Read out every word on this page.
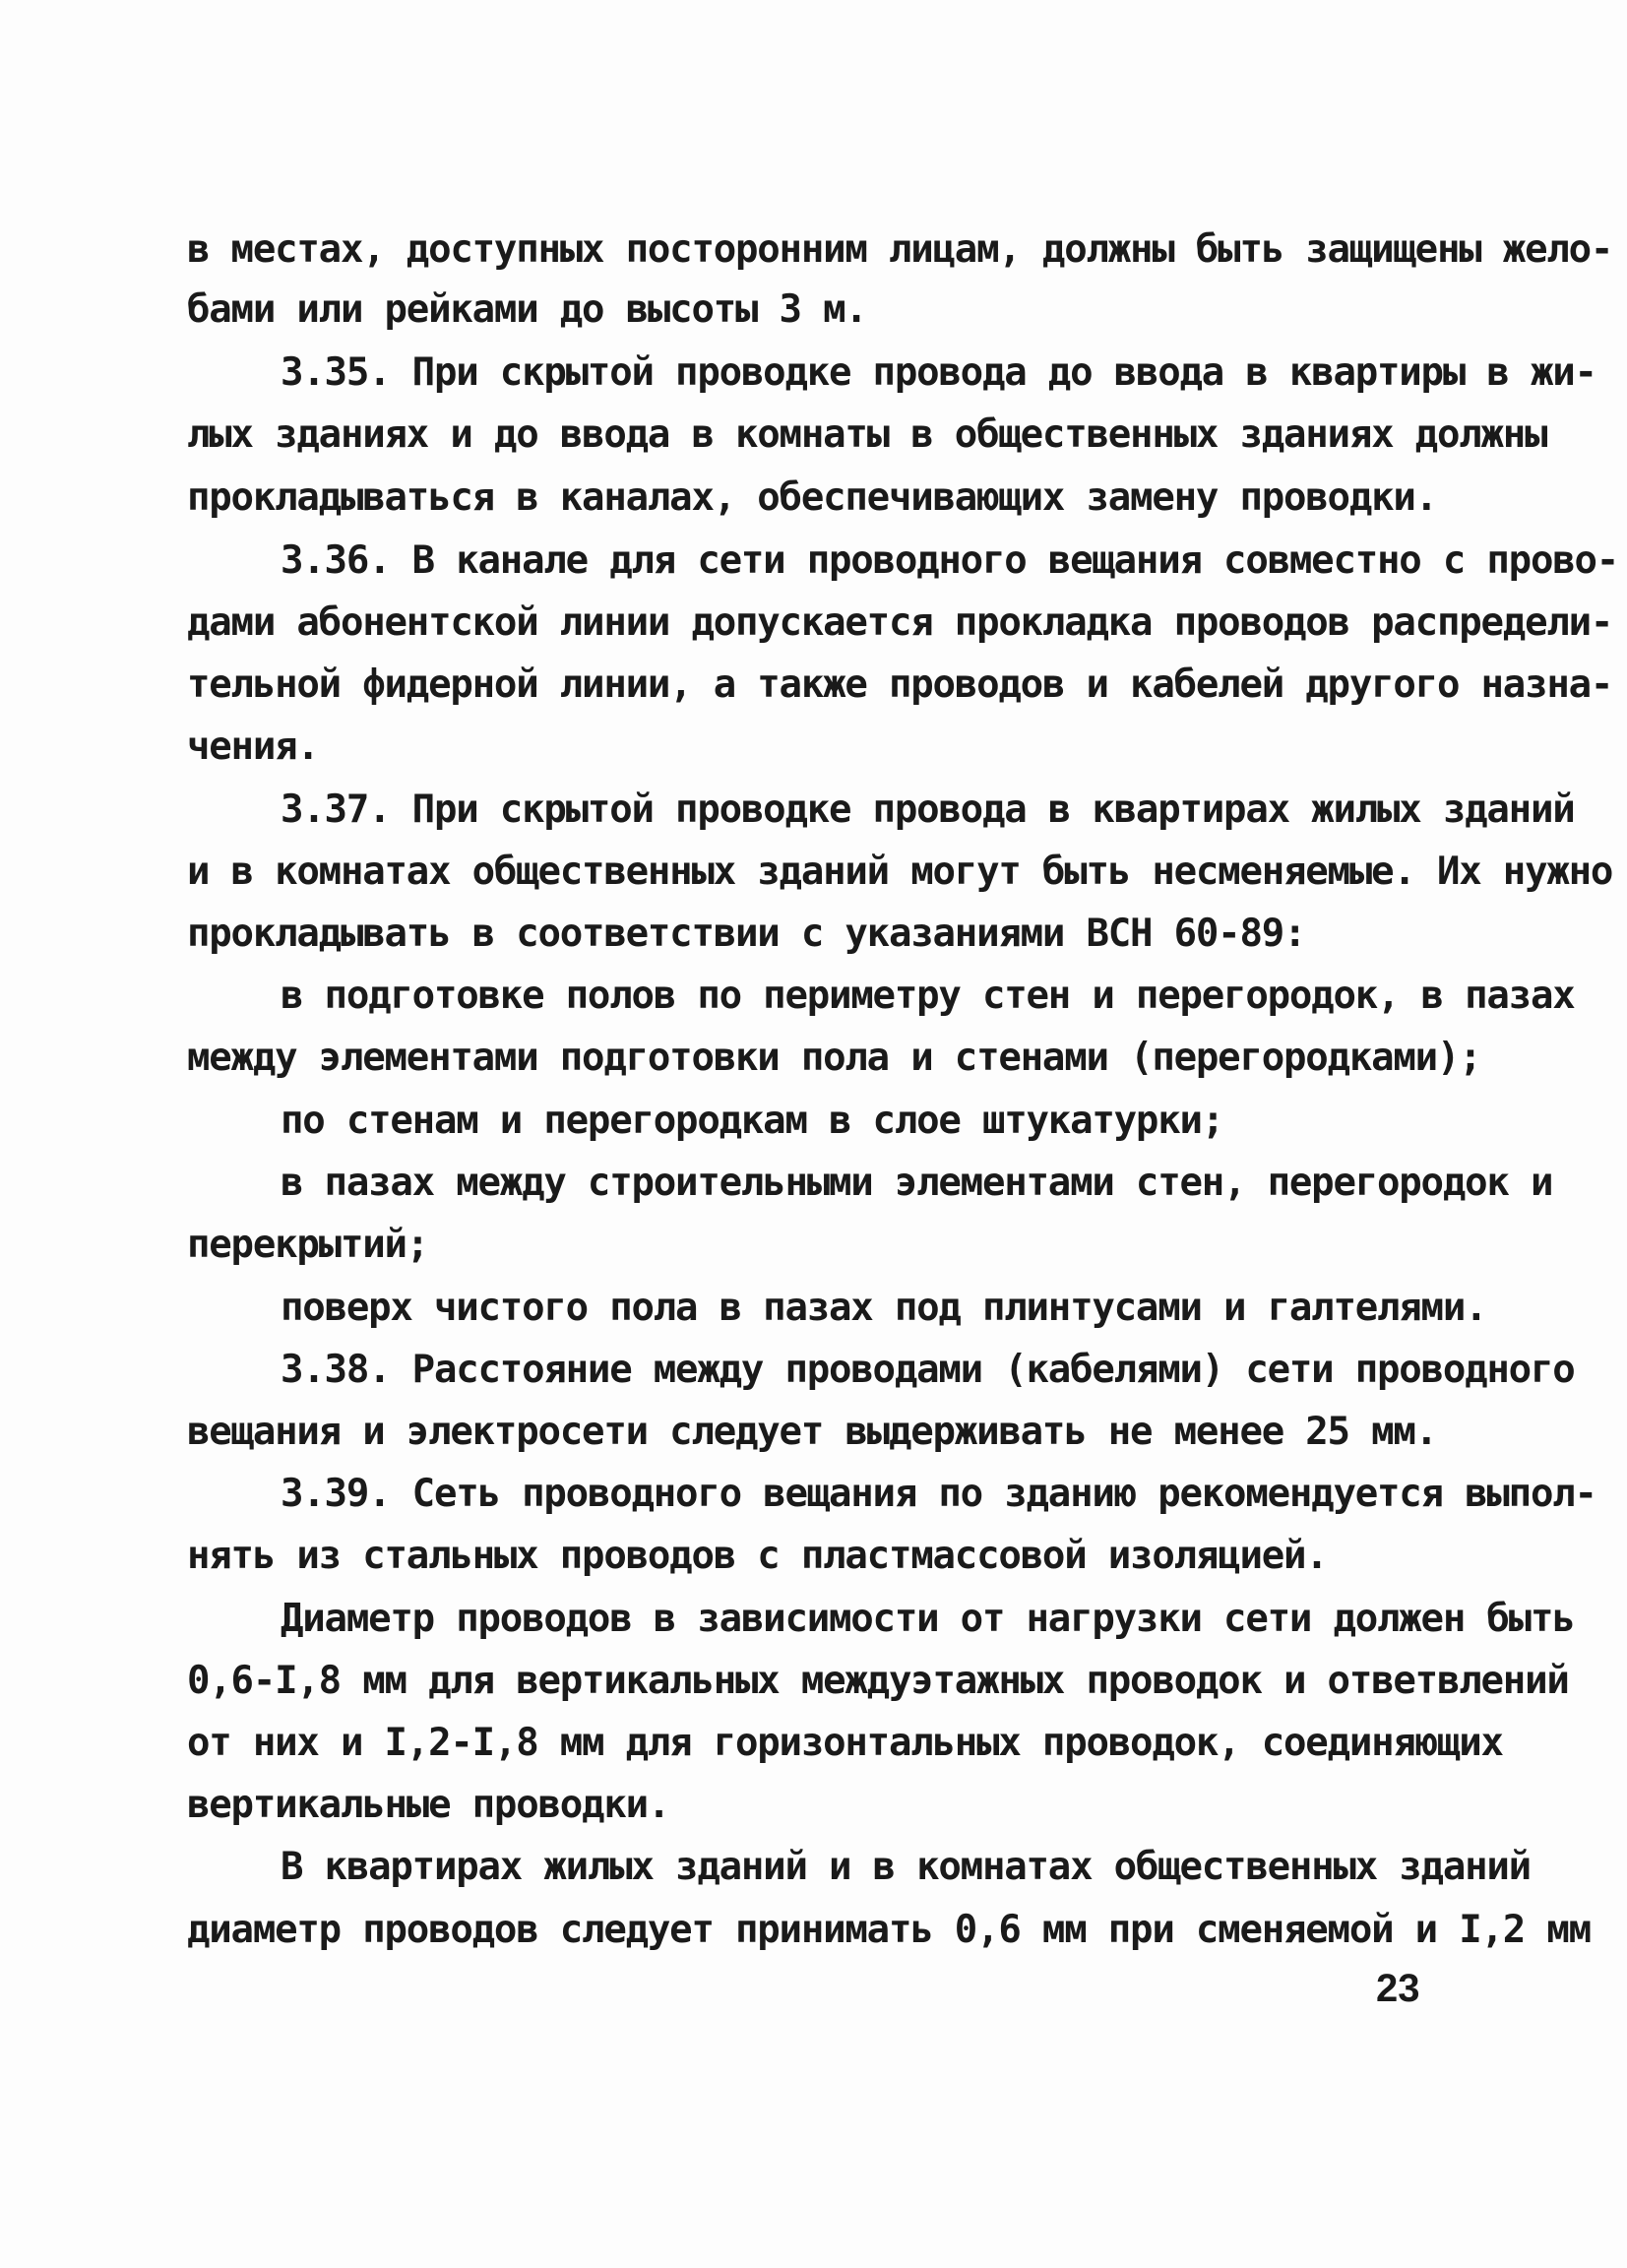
в местах, доступных посторонним лицам, должны быть защищены жело-
бами или рейками до высоты 3 м.
3.35. При скрытой проводке провода до ввода в квартиры в жи-
лых зданиях и до ввода в комнаты в общественных зданиях должны
прокладываться в каналах, обеспечивающих замену проводки.
3.36. В канале для сети проводного вещания совместно с прово-
дами абонентской линии допускается прокладка проводов распредели-
тельной фидерной линии, а также проводов и кабелей другого назна-
чения.
3.37. При скрытой проводке провода в квартирах жилых зданий
и в комнатах общественных зданий могут быть несменяемые. Их нужно
прокладывать в соответствии с указаниями ВСН 60-89:
в подготовке полов по периметру стен и перегородок, в пазах
между элементами подготовки пола и стенами (перегородками);
по стенам и перегородкам в слое штукатурки;
в пазах между строительными элементами стен, перегородок и
перекрытий;
поверх чистого пола в пазах под плинтусами и галтелями.
3.38. Расстояние между проводами (кабелями) сети проводного
вещания и электросети следует выдерживать не менее 25 мм.
3.39. Сеть проводного вещания по зданию рекомендуется выпол-
нять из стальных проводов с пластмассовой изоляцией.
Диаметр проводов в зависимости от нагрузки сети должен быть
0,6-I,8 мм для вертикальных междуэтажных проводок и ответвлений
от них и I,2-I,8 мм для горизонтальных проводок, соединяющих
вертикальные проводки.
В квартирах жилых зданий и в комнатах общественных зданий
диаметр проводов следует принимать 0,6 мм при сменяемой и I,2 мм
23
